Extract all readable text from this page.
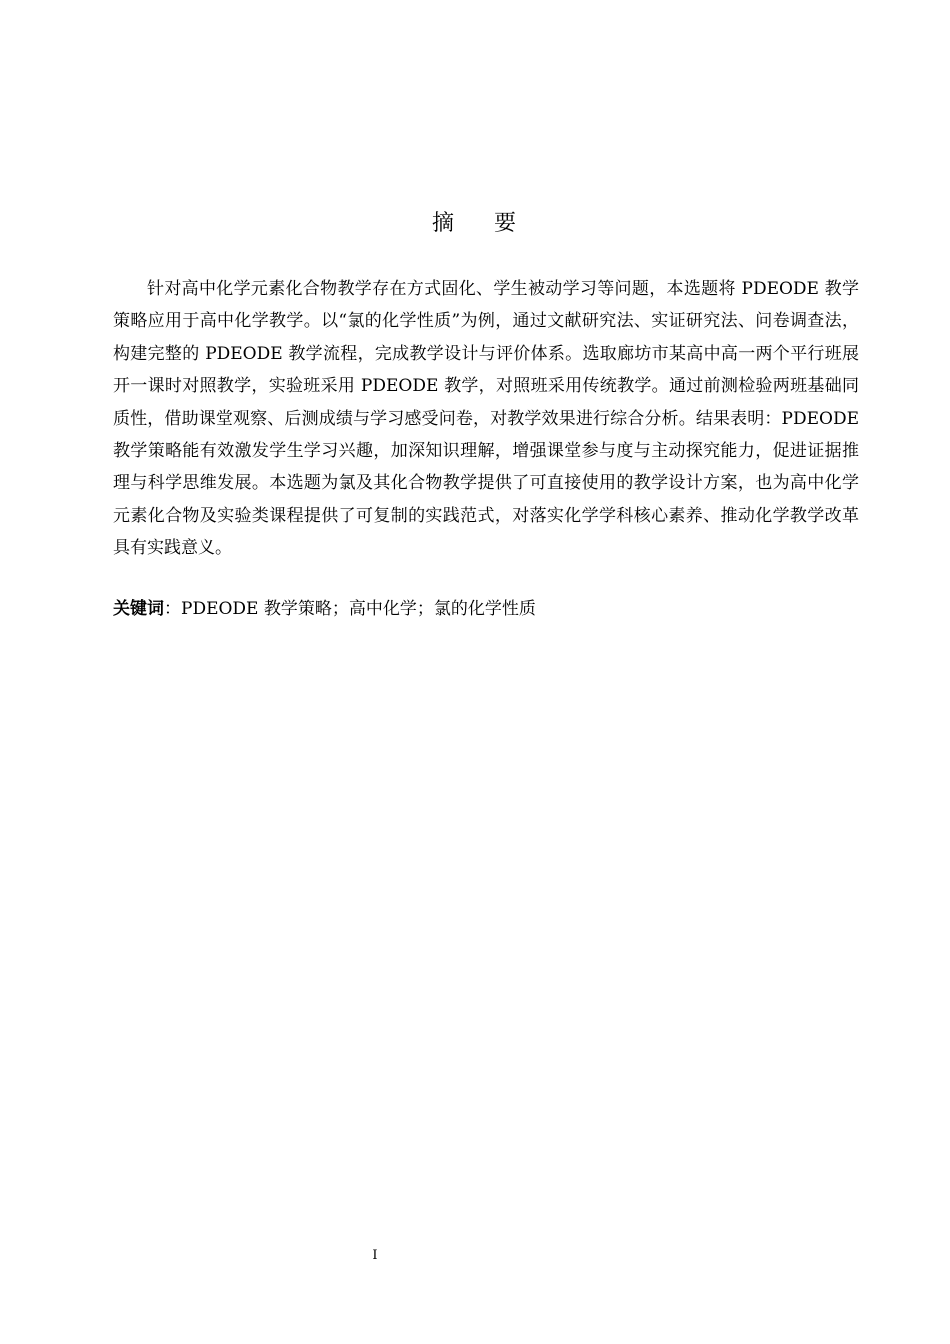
摘 要

针对高中化学元素化合物教学存在方式固化、学生被动学习等问题，本选题将 PDEODE 教学策略应用于高中化学教学。以“氯的化学性质”为例，通过文献研究法、实证研究法、问卷调查法，构建完整的 PDEODE 教学流程，完成教学设计与评价体系。选取廊坊市某高中高一两个平行班展开一课时对照教学，实验班采用 PDEODE 教学，对照班采用传统教学。通过前测检验两班基础同质性，借助课堂观察、后测成绩与学习感受问卷，对教学效果进行综合分析。结果表明：PDEODE 教学策略能有效激发学生学习兴趣，加深知识理解，增强课堂参与度与主动探究能力，促进证据推理与科学思维发展。本选题为氯及其化合物教学提供了可直接使用的教学设计方案，也为高中化学元素化合物及实验类课程提供了可复制的实践范式，对落实化学学科核心素养、推动化学教学改革具有实践意义。

关键词：PDEODE 教学策略；高中化学；氯的化学性质

I
